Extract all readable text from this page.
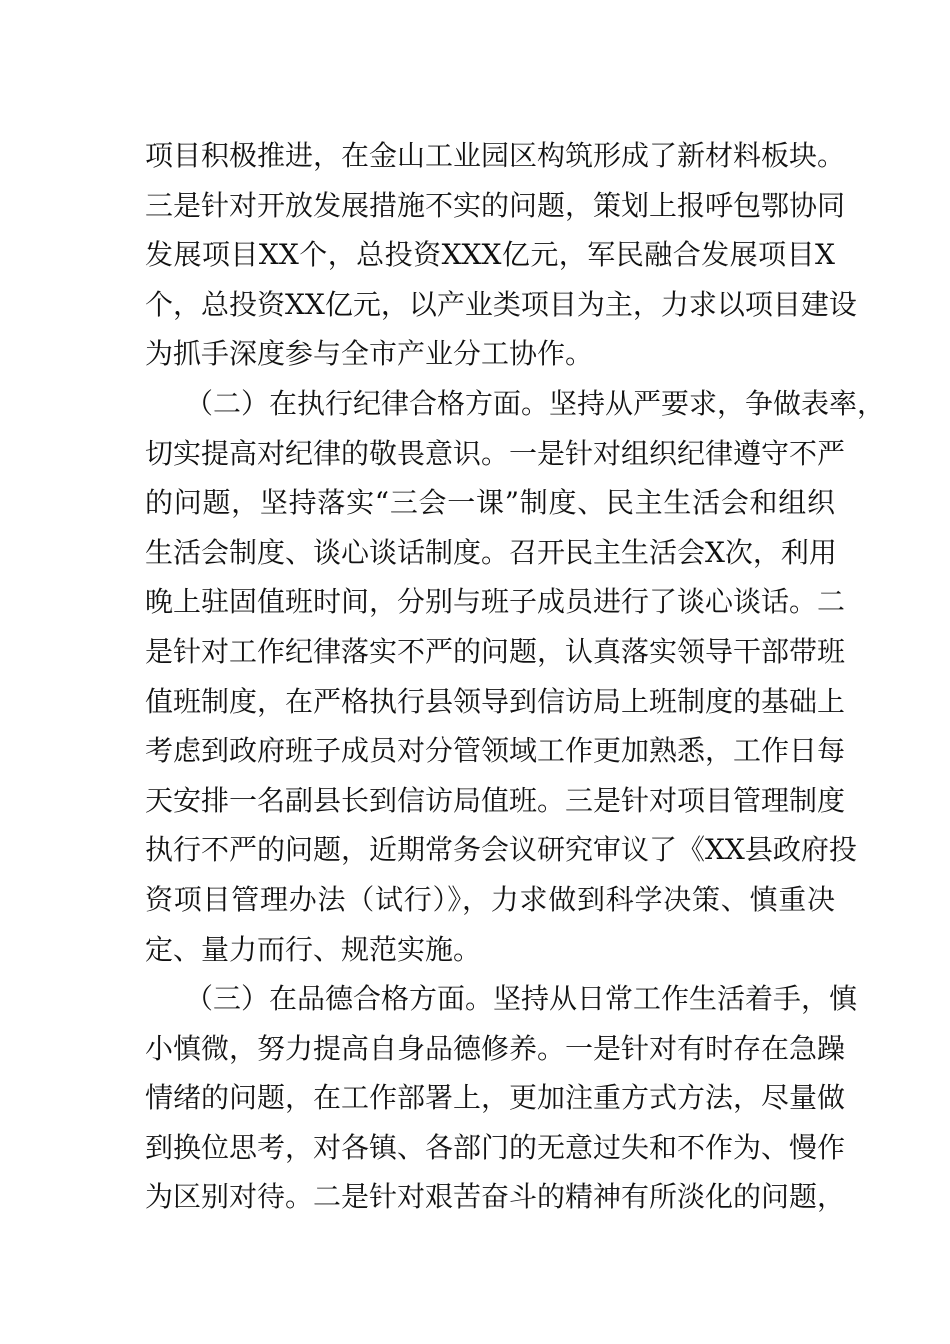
项目积极推进，在金山工业园区构筑形成了新材料板块。
三是针对开放发展措施不实的问题，策划上报呼包鄂协同
发展项目XX个，总投资XXX亿元，军民融合发展项目X
个，总投资XX亿元，以产业类项目为主，力求以项目建设
为抓手深度参与全市产业分工协作。
（二）在执行纪律合格方面。坚持从严要求，争做表率，
切实提高对纪律的敬畏意识。一是针对组织纪律遵守不严
的问题，坚持落实“三会一课”制度、民主生活会和组织
生活会制度、谈心谈话制度。召开民主生活会X次，利用
晚上驻固值班时间，分别与班子成员进行了谈心谈话。二
是针对工作纪律落实不严的问题，认真落实领导干部带班
值班制度，在严格执行县领导到信访局上班制度的基础上
考虑到政府班子成员对分管领域工作更加熟悉，工作日每
天安排一名副县长到信访局值班。三是针对项目管理制度
执行不严的问题，近期常务会议研究审议了《XX县政府投
资项目管理办法（试行）》，力求做到科学决策、慎重决
定、量力而行、规范实施。
（三）在品德合格方面。坚持从日常工作生活着手，慎
小慎微，努力提高自身品德修养。一是针对有时存在急躁
情绪的问题，在工作部署上，更加注重方式方法，尽量做
到换位思考，对各镇、各部门的无意过失和不作为、慢作
为区别对待。二是针对艰苦奋斗的精神有所淡化的问题，
